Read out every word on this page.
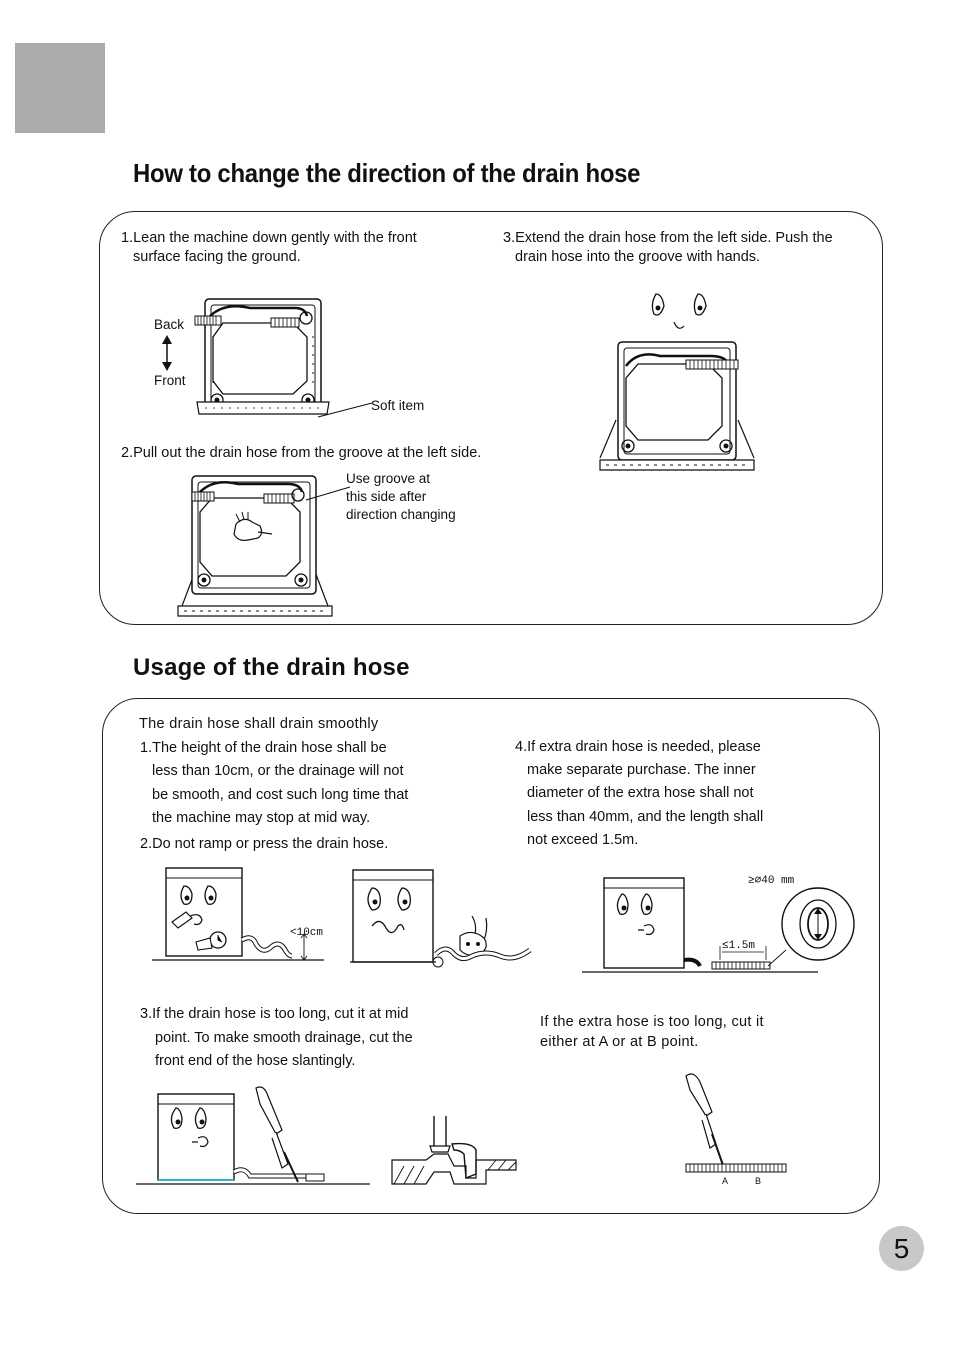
How to change the direction of the drain hose
1.Lean the machine down gently with the front
surface facing the ground.
Back
Front
Soft item
2.Pull out the drain hose from the groove at the left side.
Use groove at
this side after
direction changing
3.Extend the drain hose from the left side. Push the
drain hose into the groove with hands.
Usage of the drain hose
The drain hose shall drain smoothly
1.The height of the drain hose shall be
less than 10cm, or the drainage will not
be smooth, and cost such long time that
the machine may stop at mid way.
2.Do not ramp or press the drain hose.
4.If extra drain hose is needed, please
make separate purchase. The inner
diameter of the extra hose shall not
less than 40mm, and the length shall
not exceed 1.5m.
<10cm
≥∅40 mm
≤1.5m
3.If the drain hose is too long, cut it at mid
point. To make smooth drainage, cut the
front end of the hose slantingly.
If the extra hose is too long, cut it
either at A or at B point.
A	B
5
